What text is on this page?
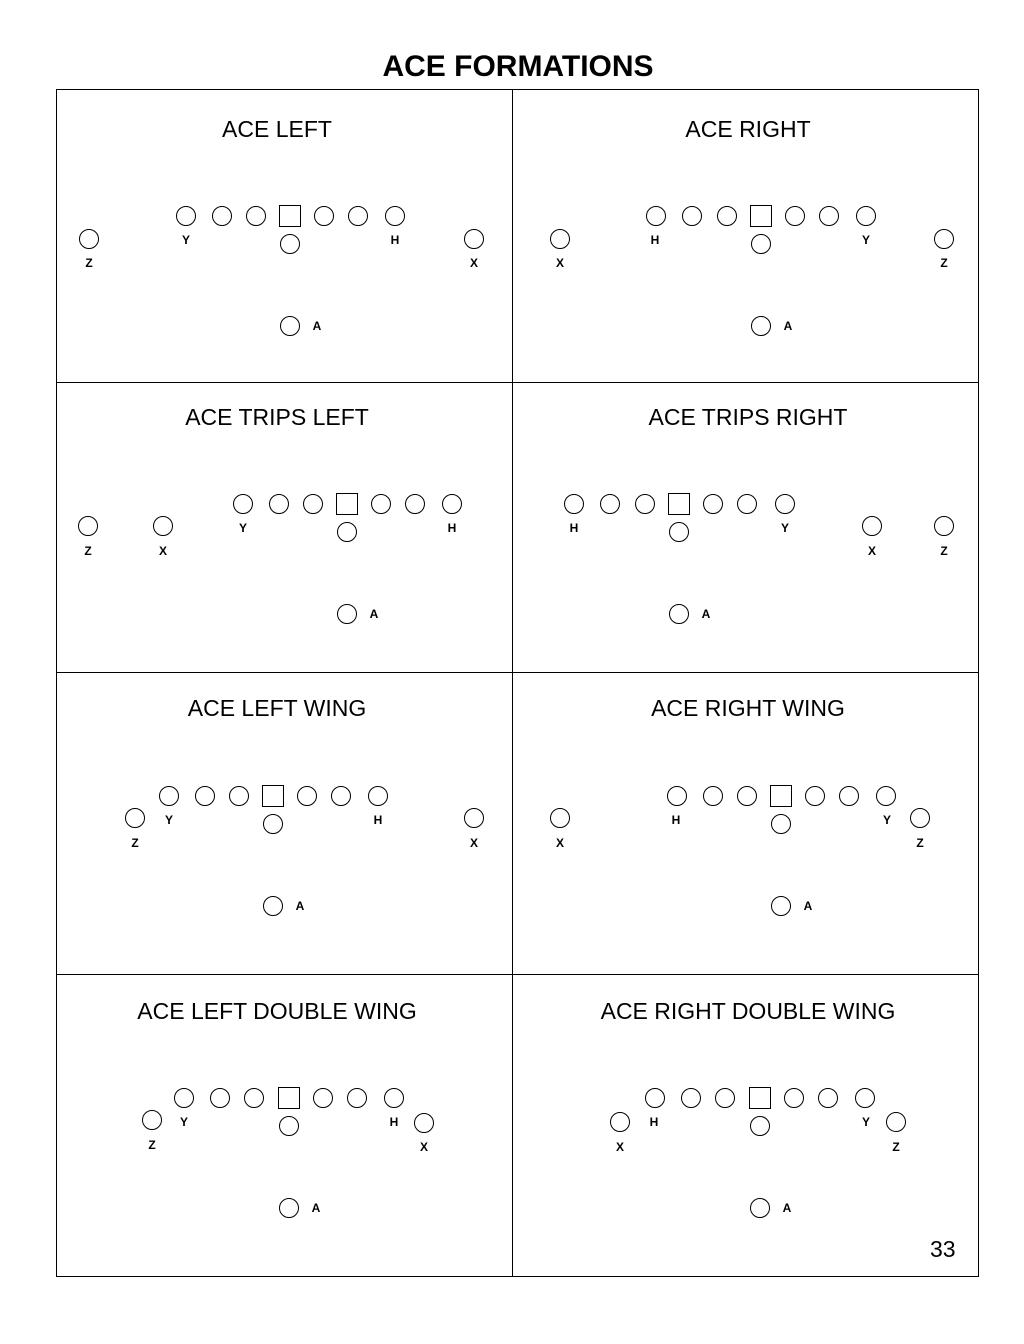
ACE FORMATIONS
ACE LEFT
Y	H
Z	X
A
ACE RIGHT
H	Y
X	Z
A
ACE TRIPS LEFT
Y	H
Z	X
A
ACE TRIPS RIGHT
H	Y
X	Z
A
ACE LEFT WING
Y	H
Z	X
A
ACE RIGHT WING
H	Y
X	Z
A
ACE LEFT DOUBLE WING
Y	H
Z	X
A
ACE RIGHT DOUBLE WING
H	Y
X	Z
A
33
